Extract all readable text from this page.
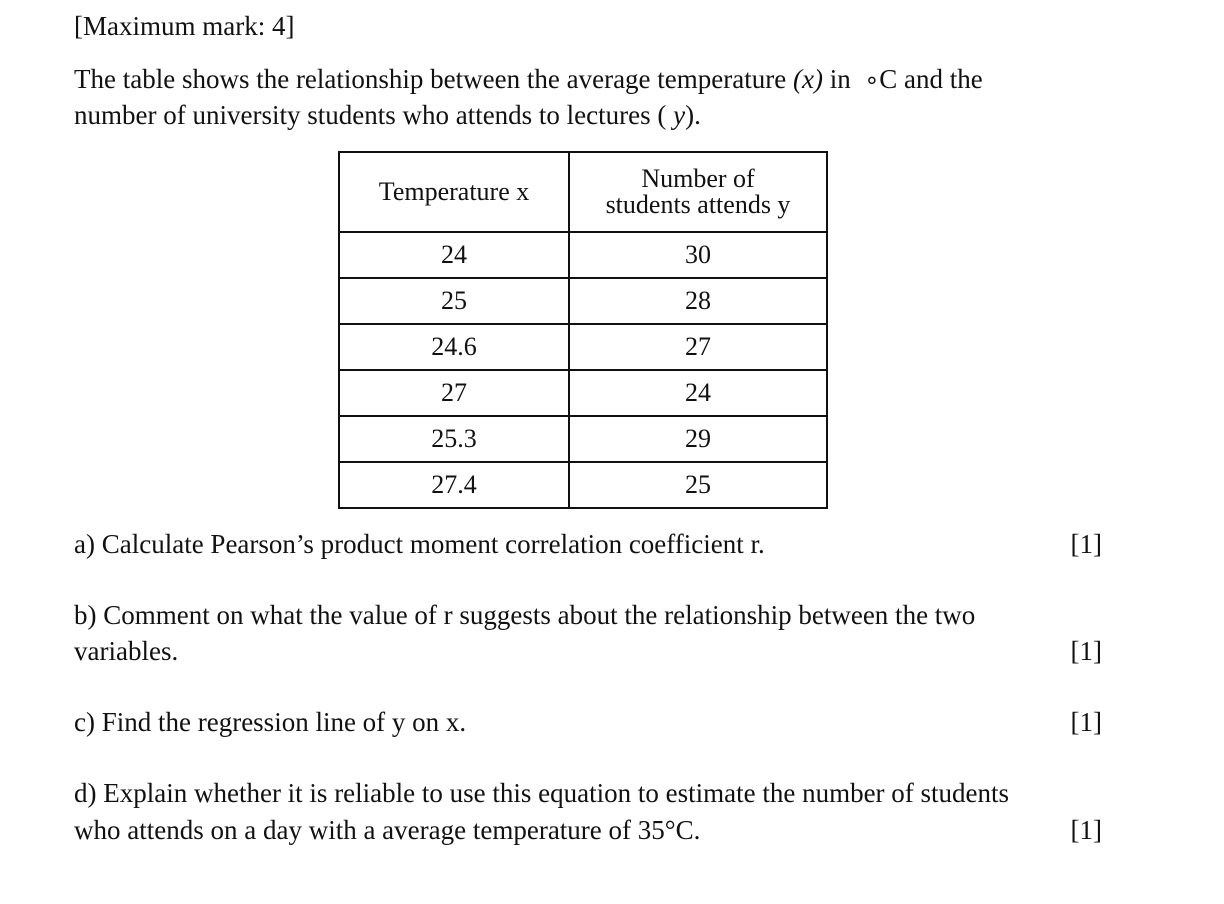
[Maximum mark: 4]
The table shows the relationship between the average temperature (x) in  ∘C and the
number of university students who attends to lectures ( y).
Temperature x	Number of
students attends y

24	30
25	28
24.6	27
27	24
25.3	29
27.4	25
a) Calculate Pearson’s product moment correlation coefficient r.	[1]
b) Comment on what the value of r suggests about the relationship between the two
variables.	[1]
c) Find the regression line of y on x.	[1]
d) Explain whether it is reliable to use this equation to estimate the number of students
who attends on a day with a average temperature of 35°C.	[1]
